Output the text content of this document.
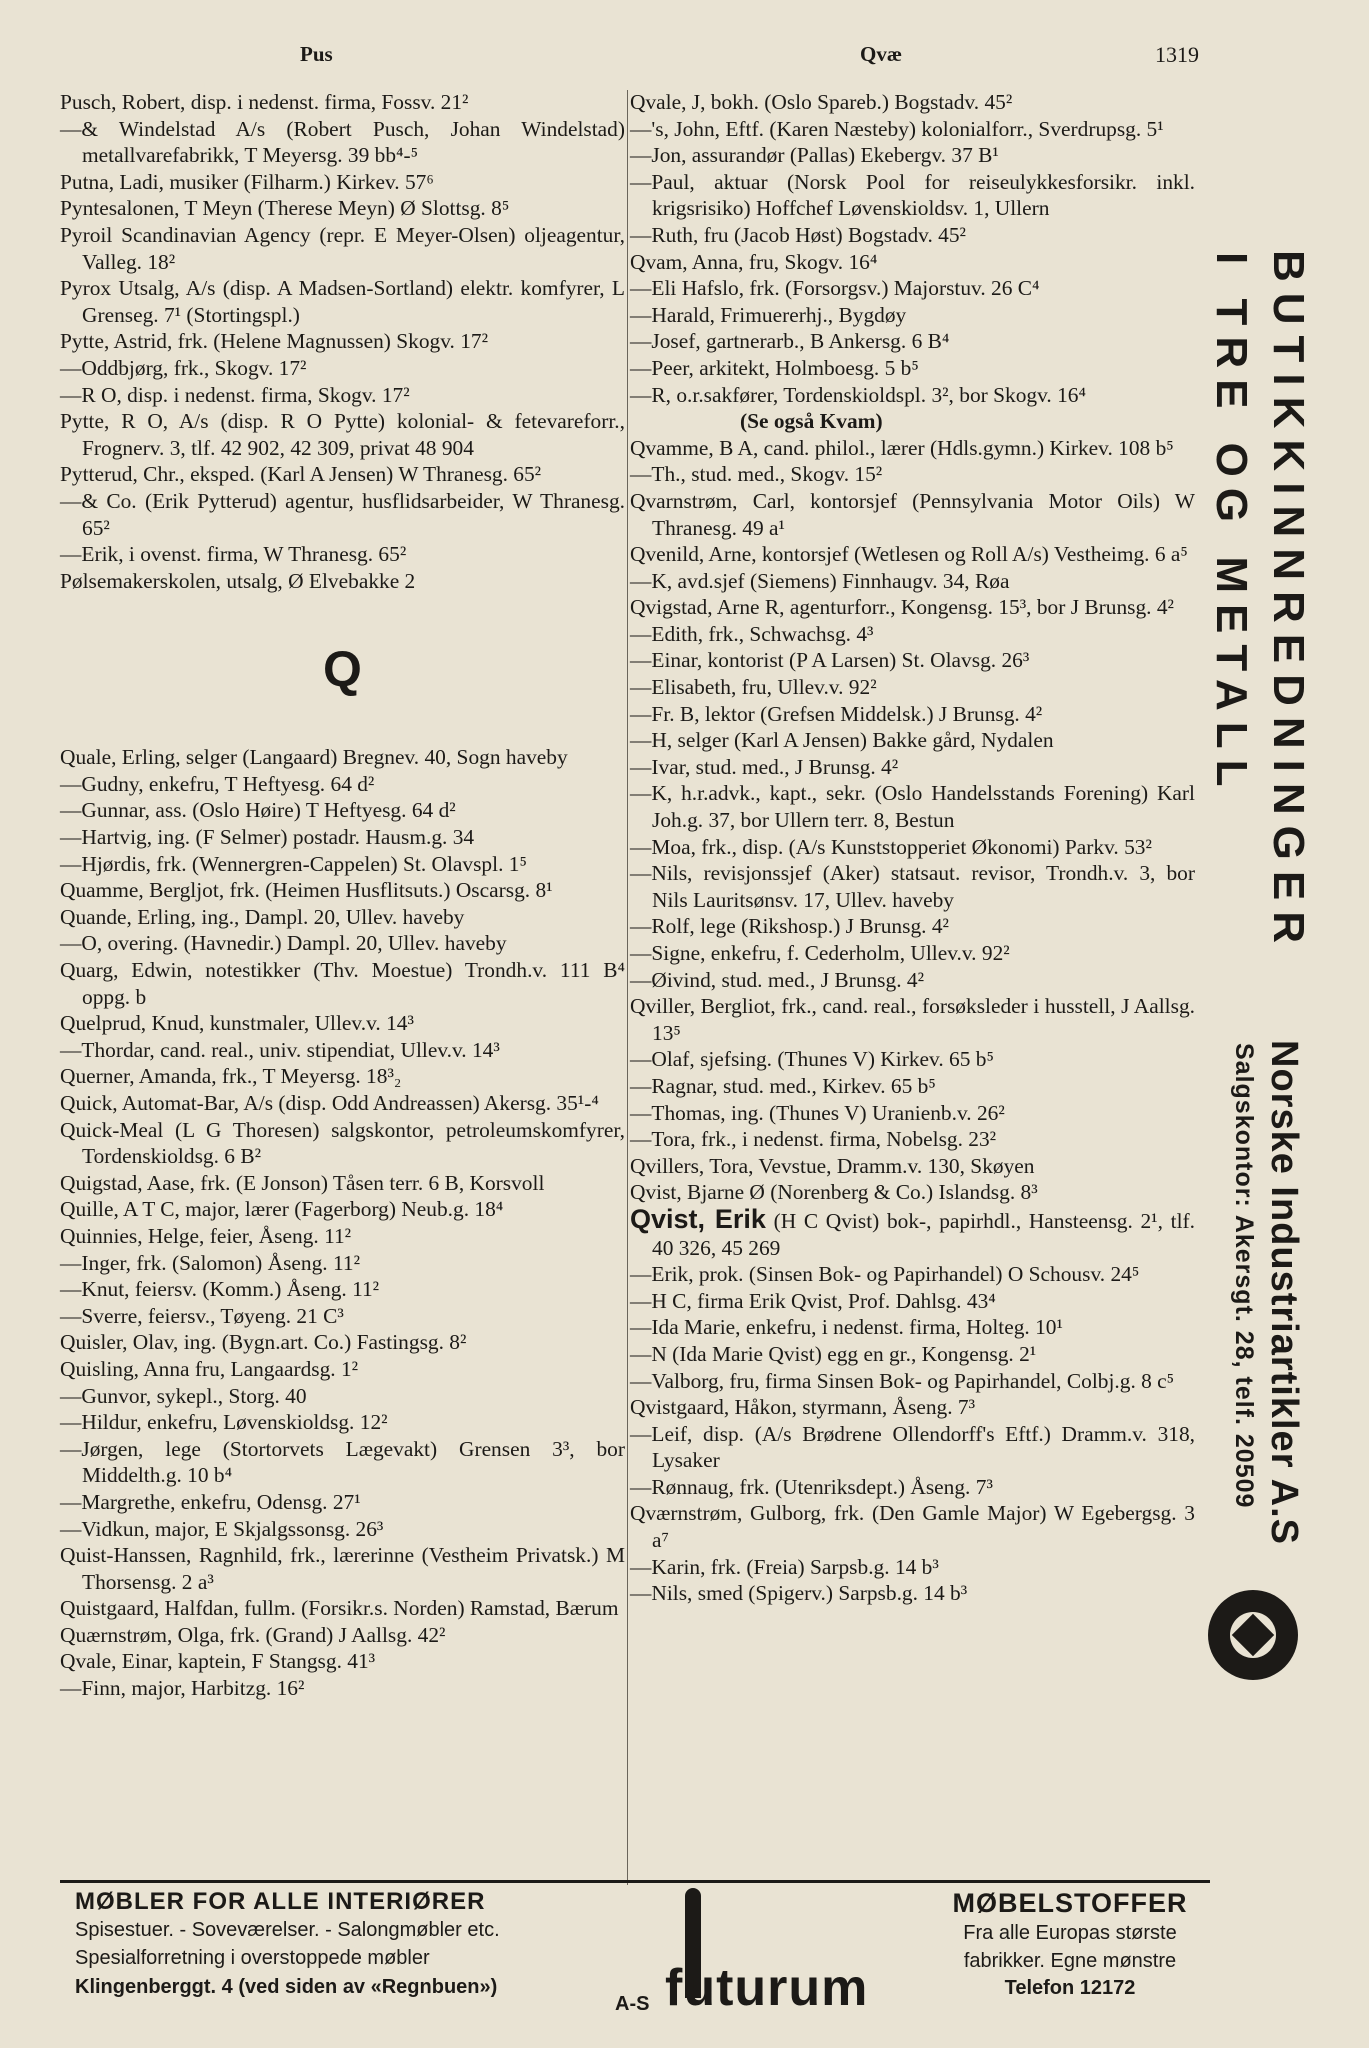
Pus	Qvæ	1319
Pusch, Robert, disp. i nedenst. firma, Fossv. 21²
—& Windelstad A/s (Robert Pusch, Johan Windelstad) metallvarefabrikk, T Meyersg. 39 bb⁴-⁵
Putna, Ladi, musiker (Filharm.) Kirkev. 57⁶
Pyntesalonen, T Meyn (Therese Meyn) Ø Slottsg. 8⁵
Pyroil Scandinavian Agency (repr. E Meyer-Olsen) oljeagentur, Valleg. 18²
Pyrox Utsalg, A/s (disp. A Madsen-Sortland) elektr. komfyrer, L Grenseg. 7¹ (Stortingspl.)
Pytte, Astrid, frk. (Helene Magnussen) Skogv. 17²
—Oddbjørg, frk., Skogv. 17²
—R O, disp. i nedenst. firma, Skogv. 17²
Pytte, R O, A/s (disp. R O Pytte) kolonial- & fetevareforr., Frognerv. 3, tlf. 42 902, 42 309, privat 48 904
Pytterud, Chr., eksped. (Karl A Jensen) W Thranesg. 65²
—& Co. (Erik Pytterud) agentur, husflidsarbeider, W Thranesg. 65²
—Erik, i ovenst. firma, W Thranesg. 65²
Pølsemakerskolen, utsalg, Ø Elvebakke 2
Q
Quale, Erling, selger (Langaard) Bregnev. 40, Sogn haveby
—Gudny, enkefru, T Heftyesg. 64 d²
—Gunnar, ass. (Oslo Høire) T Heftyesg. 64 d²
—Hartvig, ing. (F Selmer) postadr. Hausm.g. 34
—Hjørdis, frk. (Wennergren-Cappelen) St. Olavspl. 1⁵
Quamme, Bergljot, frk. (Heimen Husflitsuts.) Oscarsg. 8¹
Quande, Erling, ing., Dampl. 20, Ullev. haveby
—O, overing. (Havnedir.) Dampl. 20, Ullev. haveby
Quarg, Edwin, notestikker (Thv. Moestue) Trondh.v. 111 B⁴ oppg. b
Quelprud, Knud, kunstmaler, Ullev.v. 14³
—Thordar, cand. real., univ. stipendiat, Ullev.v. 14³
Querner, Amanda, frk., T Meyersg. 18³₂
Quick, Automat-Bar, A/s (disp. Odd Andreassen) Akersg. 35¹-⁴
Quick-Meal (L G Thoresen) salgskontor, petroleumskomfyrer, Tordenskioldsg. 6 B²
Quigstad, Aase, frk. (E Jonson) Tåsen terr. 6 B, Korsvoll
Quille, A T C, major, lærer (Fagerborg) Neub.g. 18⁴
Quinnies, Helge, feier, Åseng. 11²
—Inger, frk. (Salomon) Åseng. 11²
—Knut, feiersv. (Komm.) Åseng. 11²
—Sverre, feiersv., Tøyeng. 21 C³
Quisler, Olav, ing. (Bygn.art. Co.) Fastingsg. 8²
Quisling, Anna fru, Langaardsg. 1²
—Gunvor, sykepl., Storg. 40
—Hildur, enkefru, Løvenskioldsg. 12²
—Jørgen, lege (Stortorvets Lægevakt) Grensen 3³, bor Middelth.g. 10 b⁴
—Margrethe, enkefru, Odensg. 27¹
—Vidkun, major, E Skjalgssonsg. 26³
Quist-Hanssen, Ragnhild, frk., lærerinne (Vestheim Privatsk.) M Thorsensg. 2 a³
Quistgaard, Halfdan, fullm. (Forsikr.s. Norden) Ramstad, Bærum
Quærnstrøm, Olga, frk. (Grand) J Aallsg. 42²
Qvale, Einar, kaptein, F Stangsg. 41³
—Finn, major, Harbitzg. 16²
Qvale, J, bokh. (Oslo Spareb.) Bogstadv. 45²
—'s, John, Eftf. (Karen Næsteby) kolonialforr., Sverdrupsg. 5¹
—Jon, assurandør (Pallas) Ekebergv. 37 B¹
—Paul, aktuar (Norsk Pool for reiseulykkesforsikr. inkl. krigsrisiko) Hoffchef Løvenskioldsv. 1, Ullern
—Ruth, fru (Jacob Høst) Bogstadv. 45²
Qvam, Anna, fru, Skogv. 16⁴
—Eli Hafslo, frk. (Forsorgsv.) Majorstuv. 26 C⁴
—Harald, Frimuererhj., Bygdøy
—Josef, gartnerarb., B Ankersg. 6 B⁴
—Peer, arkitekt, Holmboesg. 5 b⁵
—R, o.r.sakfører, Tordenskioldspl. 3², bor Skogv. 16⁴
(Se også Kvam)
Qvamme, B A, cand. philol., lærer (Hdls.gymn.) Kirkev. 108 b⁵
—Th., stud. med., Skogv. 15²
Qvarnstrøm, Carl, kontorsjef (Pennsylvania Motor Oils) W Thranesg. 49 a¹
Qvenild, Arne, kontorsjef (Wetlesen og Roll A/s) Vestheimg. 6 a⁵
—K, avd.sjef (Siemens) Finnhaugv. 34, Røa
Qvigstad, Arne R, agenturforr., Kongensg. 15³, bor J Brunsg. 4²
—Edith, frk., Schwachsg. 4³
—Einar, kontorist (P A Larsen) St. Olavsg. 26³
—Elisabeth, fru, Ullev.v. 92²
—Fr. B, lektor (Grefsen Middelsk.) J Brunsg. 4²
—H, selger (Karl A Jensen) Bakke gård, Nydalen
—Ivar, stud. med., J Brunsg. 4²
—K, h.r.advk., kapt., sekr. (Oslo Handelsstands Forening) Karl Joh.g. 37, bor Ullern terr. 8, Bestun
—Moa, frk., disp. (A/s Kunststopperiet Økonomi) Parkv. 53²
—Nils, revisjonssjef (Aker) statsaut. revisor, Trondh.v. 3, bor Nils Lauritsønsv. 17, Ullev. haveby
—Rolf, lege (Rikshosp.) J Brunsg. 4²
—Signe, enkefru, f. Cederholm, Ullev.v. 92²
—Øivind, stud. med., J Brunsg. 4²
Qviller, Bergliot, frk., cand. real., forsøksleder i husstell, J Aallsg. 13⁵
—Olaf, sjefsing. (Thunes V) Kirkev. 65 b⁵
—Ragnar, stud. med., Kirkev. 65 b⁵
—Thomas, ing. (Thunes V) Uranienb.v. 26²
—Tora, frk., i nedenst. firma, Nobelsg. 23²
Qvillers, Tora, Vevstue, Dramm.v. 130, Skøyen
Qvist, Bjarne Ø (Norenberg & Co.) Islandsg. 8³
Qvist, Erik (H C Qvist) bok-, papirhdl., Hansteensg. 2¹, tlf. 40 326, 45 269
—Erik, prok. (Sinsen Bok- og Papirhandel) O Schousv. 24⁵
—H C, firma Erik Qvist, Prof. Dahlsg. 43⁴
—Ida Marie, enkefru, i nedenst. firma, Holteg. 10¹
—N (Ida Marie Qvist) egg en gr., Kongensg. 2¹
—Valborg, fru, firma Sinsen Bok- og Papirhandel, Colbj.g. 8 c⁵
Qvistgaard, Håkon, styrmann, Åseng. 7³
—Leif, disp. (A/s Brødrene Ollendorff's Eftf.) Dramm.v. 318, Lysaker
—Rønnaug, frk. (Utenriksdept.) Åseng. 7³
Qværnstrøm, Gulborg, frk. (Den Gamle Major) W Egebergsg. 3 a⁷
—Karin, frk. (Freia) Sarpsb.g. 14 b³
—Nils, smed (Spigerv.) Sarpsb.g. 14 b³
BUTIKKINNREDNINGER
I TRE OG METALL
Norske Industriartikler A.S
Salgskontor: Akersgt. 28, telf. 20509
MØBLER FOR ALLE INTERIØRER
Spisestuer. - Soveværelser. - Salongmøbler etc.
Spesialforretning i overstoppede møbler
Klingenberggt. 4 (ved siden av «Regnbuen»)
A-S futurum
MØBELSTOFFER
Fra alle Europas største
fabrikker. Egne mønstre
Telefon 12172
